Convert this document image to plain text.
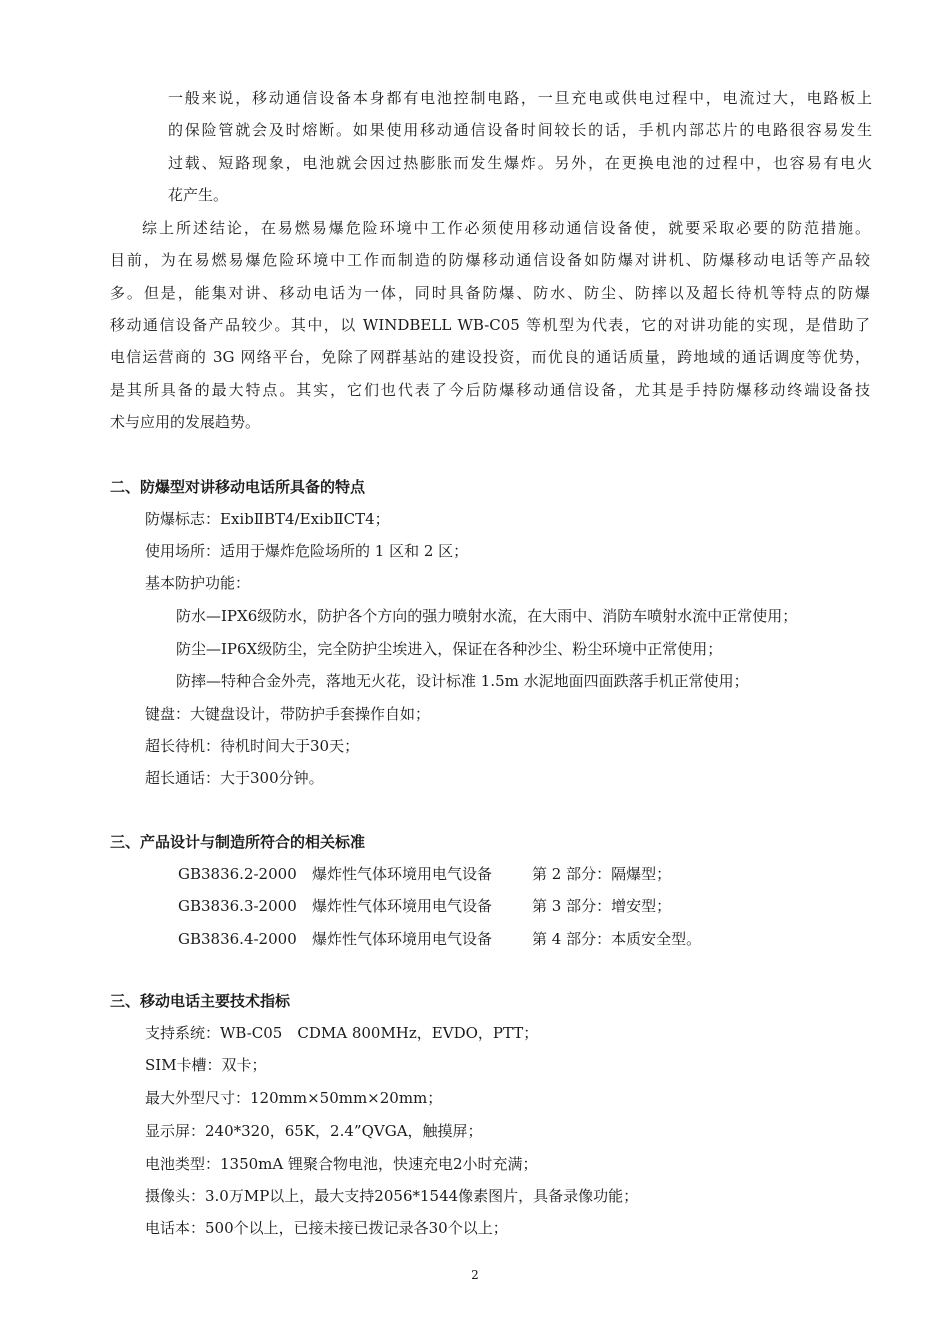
一般来说，移动通信设备本身都有电池控制电路，一旦充电或供电过程中，电流过大，电路板上
的保险管就会及时熔断。如果使用移动通信设备时间较长的话，手机内部芯片的电路很容易发生
过载、短路现象，电池就会因过热膨胀而发生爆炸。另外，在更换电池的过程中，也容易有电火
花产生。
综上所述结论，在易燃易爆危险环境中工作必须使用移动通信设备使，就要采取必要的防范措施。
目前，为在易燃易爆危险环境中工作而制造的防爆移动通信设备如防爆对讲机、防爆移动电话等产品较
多。但是，能集对讲、移动电话为一体，同时具备防爆、防水、防尘、防摔以及超长待机等特点的防爆
移动通信设备产品较少。其中，以 WINDBELL WB-C05 等机型为代表，它的对讲功能的实现，是借助了
电信运营商的 3G 网络平台，免除了网群基站的建设投资，而优良的通话质量，跨地域的通话调度等优势，
是其所具备的最大特点。其实，它们也代表了今后防爆移动通信设备，尤其是手持防爆移动终端设备技
术与应用的发展趋势。
二、防爆型对讲移动电话所具备的特点
防爆标志：ExibⅡBT4/ExibⅡCT4；
使用场所：适用于爆炸危险场所的 1 区和 2 区；
基本防护功能：
防水—IPX6级防水，防护各个方向的强力喷射水流，在大雨中、消防车喷射水流中正常使用；
防尘—IP6X级防尘，完全防护尘埃进入，保证在各种沙尘、粉尘环境中正常使用；
防摔—特种合金外壳，落地无火花，设计标准 1.5m 水泥地面四面跌落手机正常使用；
键盘：大键盘设计，带防护手套操作自如；
超长待机：待机时间大于30天；
超长通话：大于300分钟。
三、产品设计与制造所符合的相关标准
GB3836.2-2000 爆炸性气体环境用电气设备	第 2 部分：隔爆型；
GB3836.3-2000 爆炸性气体环境用电气设备	第 3 部分：增安型；
GB3836.4-2000 爆炸性气体环境用电气设备	第 4 部分：本质安全型。
三、移动电话主要技术指标
支持系统：WB-C05　CDMA 800MHz，EVDO，PTT；
SIM卡槽：双卡；
最大外型尺寸：120mm×50mm×20mm；
显示屏：240*320，65K，2.4”QVGA，触摸屏；
电池类型：1350mA 锂聚合物电池，快速充电2小时充满；
摄像头：3.0万MP以上，最大支持2056*1544像素图片，具备录像功能；
电话本：500个以上，已接未接已拨记录各30个以上；
2
